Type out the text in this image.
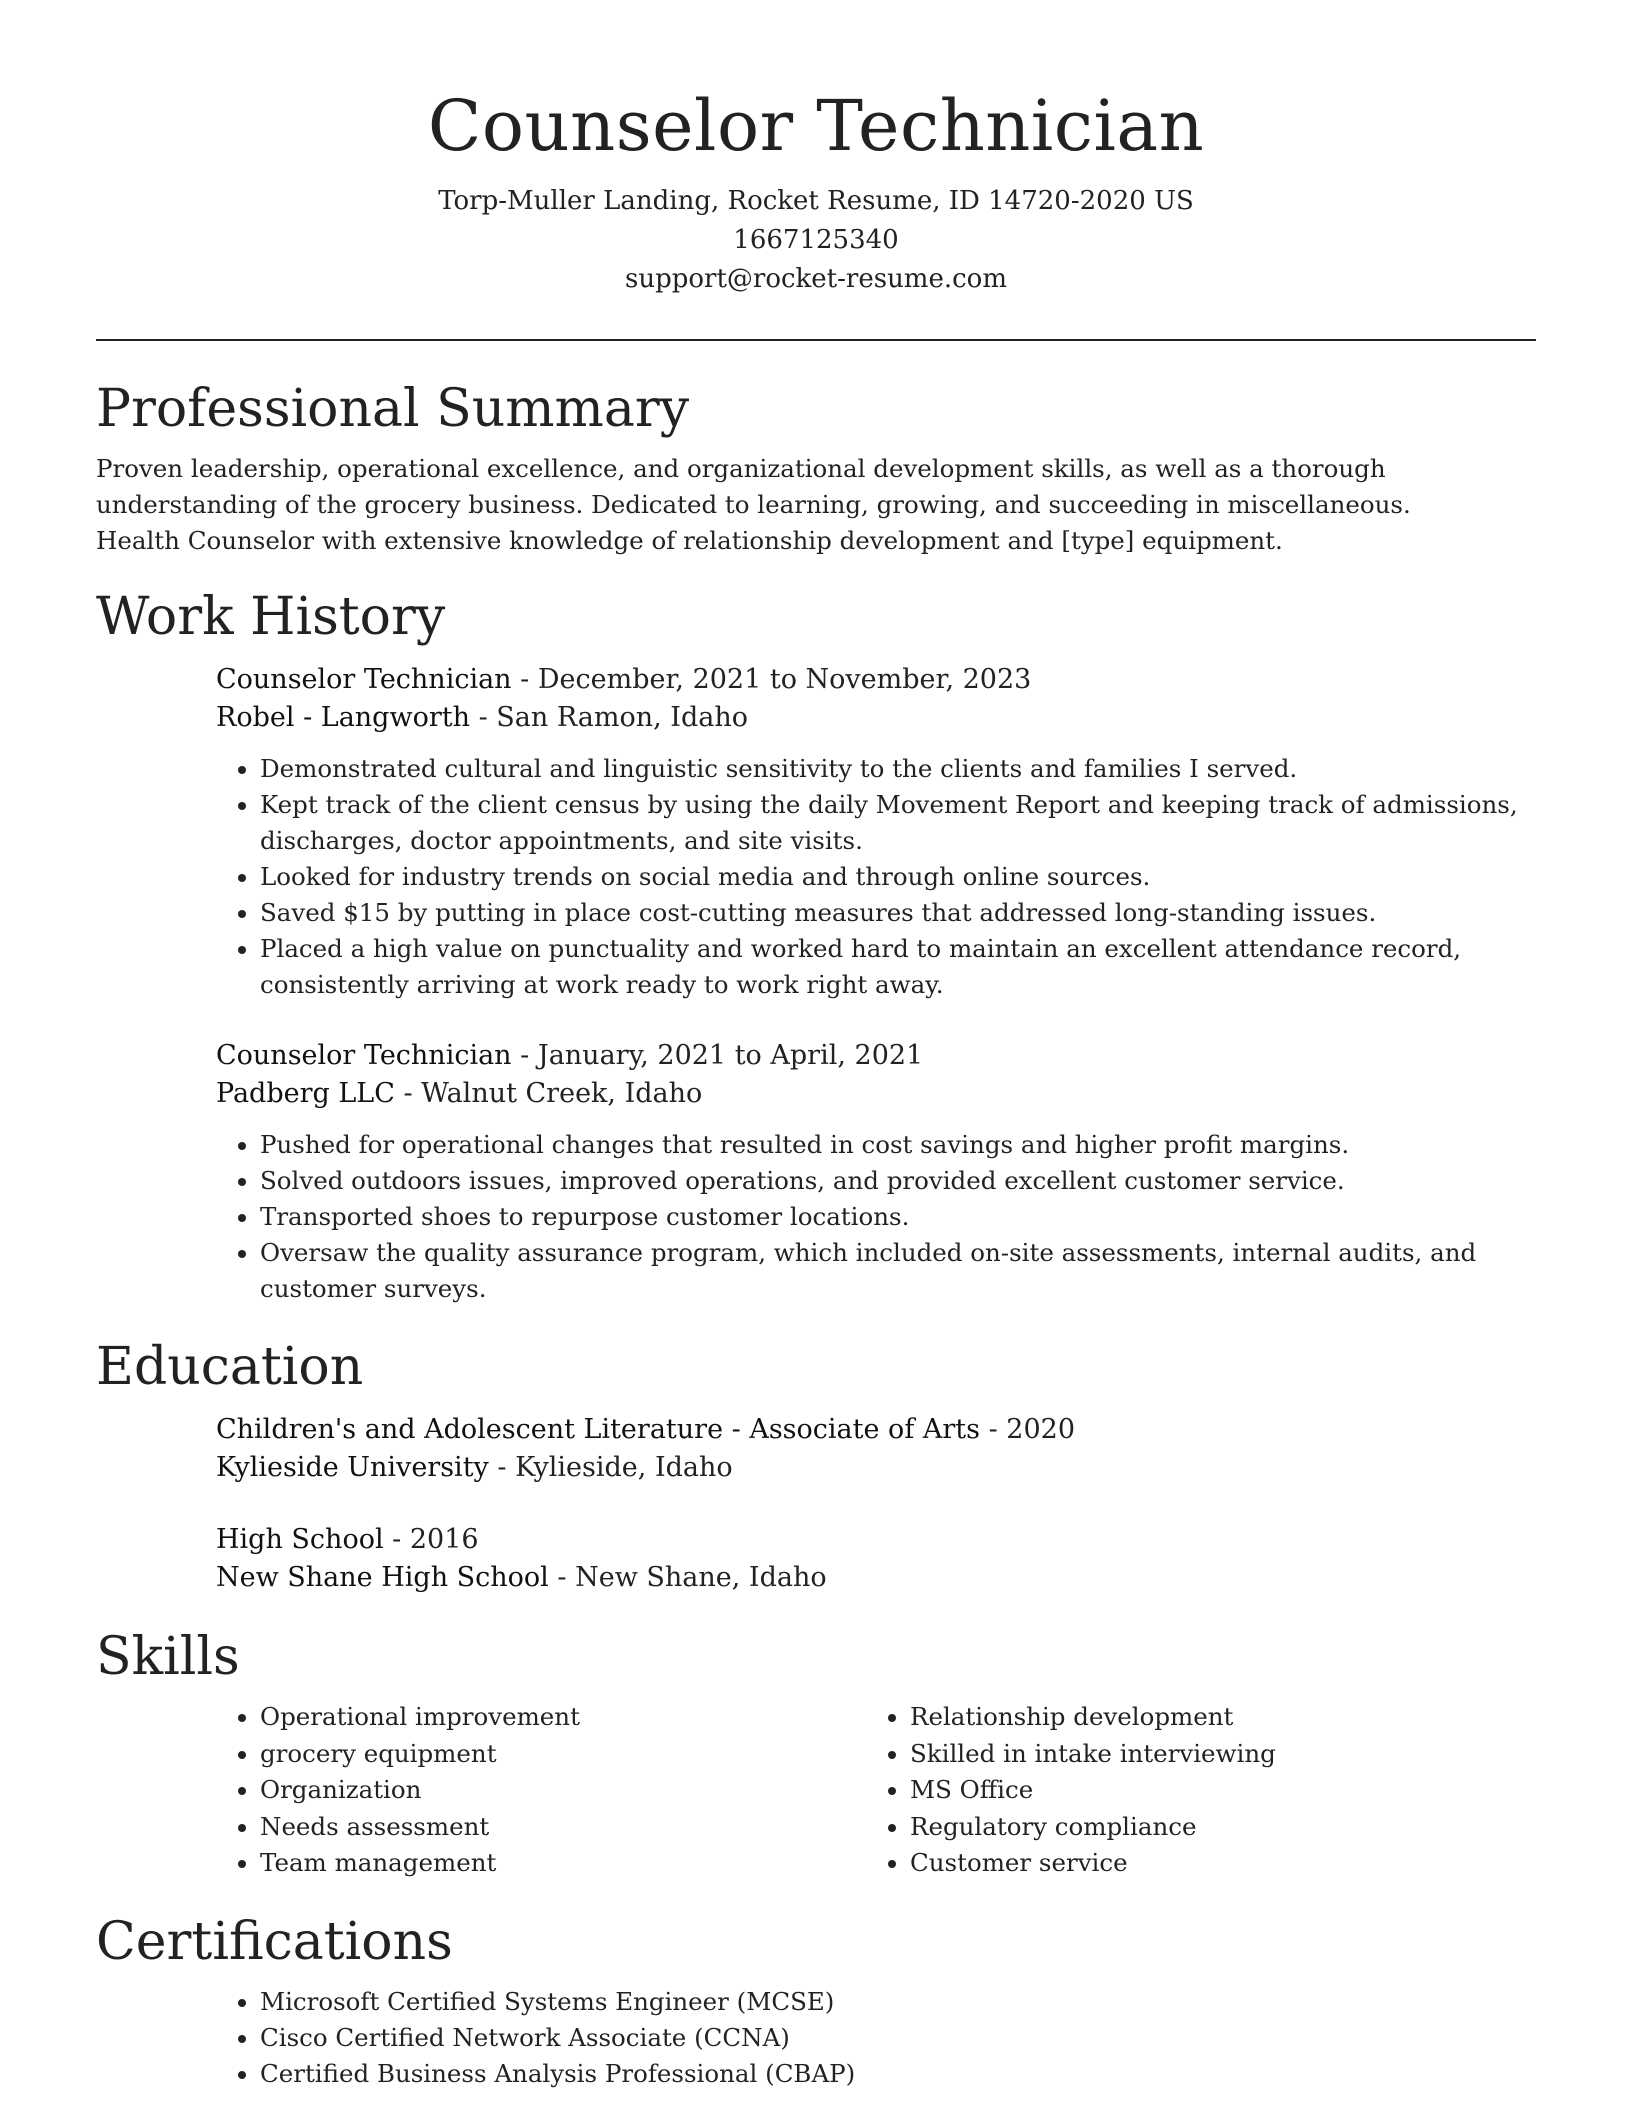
Counselor Technician
Torp-Muller Landing, Rocket Resume, ID 14720-2020 US
1667125340
support@rocket-resume.com
Professional Summary

Proven leadership, operational excellence, and organizational development skills, as well as a thorough understanding of the grocery business. Dedicated to learning, growing, and succeeding in miscellaneous. Health Counselor with extensive knowledge of relationship development and [type] equipment.

Work History
Counselor Technician - December, 2021 to November, 2023
Robel - Langworth - San Ramon, Idaho
• Demonstrated cultural and linguistic sensitivity to the clients and families I served.
• Kept track of the client census by using the daily Movement Report and keeping track of admissions, discharges, doctor appointments, and site visits.
• Looked for industry trends on social media and through online sources.
• Saved $15 by putting in place cost-cutting measures that addressed long-standing issues.
• Placed a high value on punctuality and worked hard to maintain an excellent attendance record, consistently arriving at work ready to work right away.
Counselor Technician - January, 2021 to April, 2021
Padberg LLC - Walnut Creek, Idaho
• Pushed for operational changes that resulted in cost savings and higher profit margins.
• Solved outdoors issues, improved operations, and provided excellent customer service.
• Transported shoes to repurpose customer locations.
• Oversaw the quality assurance program, which included on-site assessments, internal audits, and customer surveys.
Education
Children's and Adolescent Literature - Associate of Arts - 2020
Kylieside University - Kylieside, Idaho
High School - 2016
New Shane High School - New Shane, Idaho
Skills
• Operational improvement
• grocery equipment
• Organization
• Needs assessment
• Team management
• Relationship development
• Skilled in intake interviewing
• MS Office
• Regulatory compliance
• Customer service
Certifications
• Microsoft Certified Systems Engineer (MCSE)
• Cisco Certified Network Associate (CCNA)
• Certified Business Analysis Professional (CBAP)
